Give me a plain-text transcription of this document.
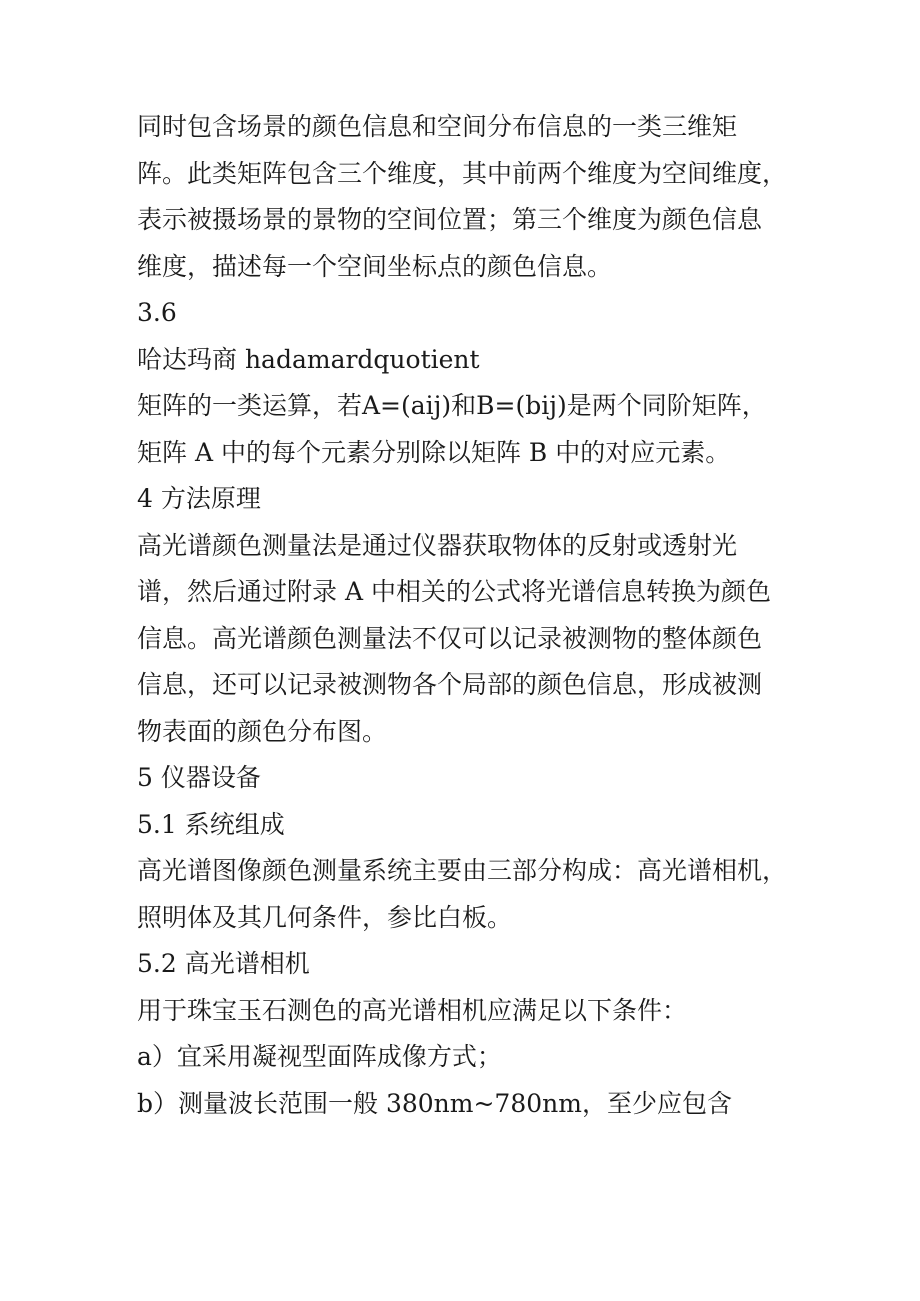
同时包含场景的颜色信息和空间分布信息的一类三维矩

阵。此类矩阵包含三个维度，其中前两个维度为空间维度，

表示被摄场景的景物的空间位置；第三个维度为颜色信息

维度，描述每一个空间坐标点的颜色信息。

3.6

哈达玛商 hadamardquotient

矩阵的一类运算，若A=(aij)和B=(bij)是两个同阶矩阵，

矩阵 A 中的每个元素分别除以矩阵 B 中的对应元素。

4 方法原理

高光谱颜色测量法是通过仪器获取物体的反射或透射光

谱，然后通过附录 A 中相关的公式将光谱信息转换为颜色

信息。高光谱颜色测量法不仅可以记录被测物的整体颜色

信息，还可以记录被测物各个局部的颜色信息，形成被测

物表面的颜色分布图。

5 仪器设备

5.1 系统组成

高光谱图像颜色测量系统主要由三部分构成：高光谱相机，

照明体及其几何条件，参比白板。

5.2 高光谱相机

用于珠宝玉石测色的高光谱相机应满足以下条件：

a）宜采用凝视型面阵成像方式；

b）测量波长范围一般 380nm~780nm，至少应包含
